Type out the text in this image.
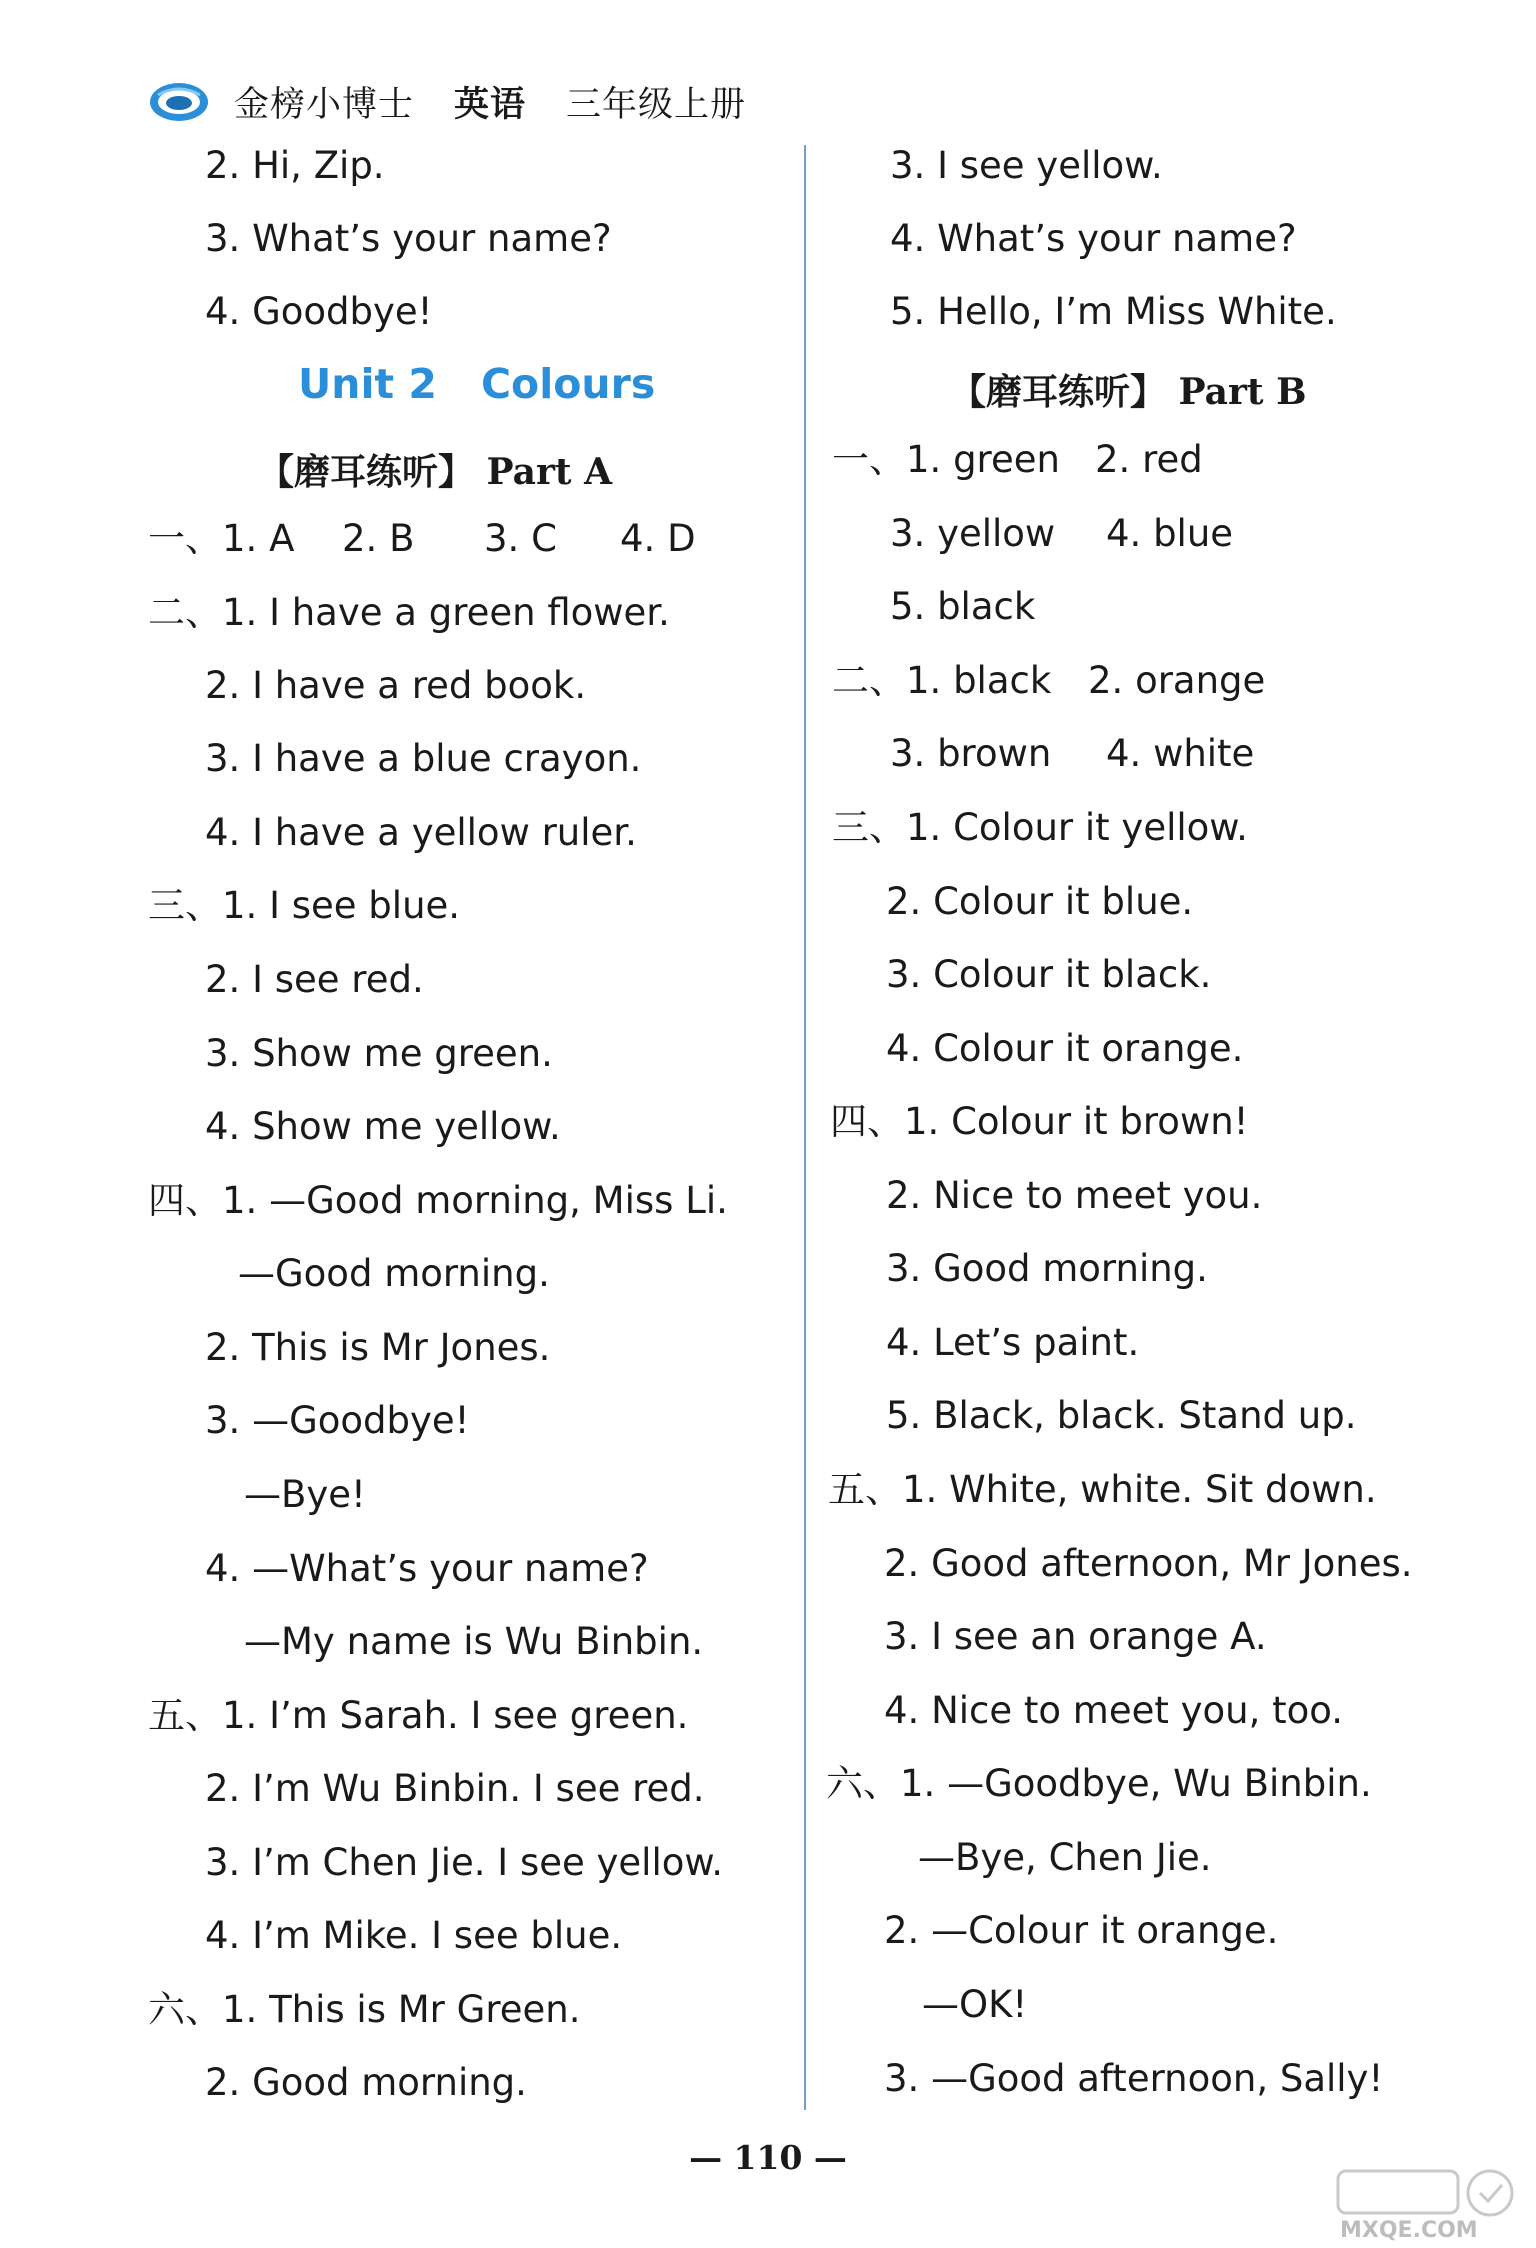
金榜小博士 英语 三年级上册
2. Hi, Zip.
3. What’s your name?
4. Goodbye!
Unit 2 Colours
【磨耳练听】 Part A
一、1. A 2. B 3. C 4. D
二、1. I have a green flower.
2. I have a red book.
3. I have a blue crayon.
4. I have a yellow ruler.
三、1. I see blue.
2. I see red.
3. Show me green.
4. Show me yellow.
四、1. —Good morning, Miss Li.
—Good morning.
2. This is Mr Jones.
3. —Goodbye!
—Bye!
4. —What’s your name?
—My name is Wu Binbin.
五、1. I’m Sarah. I see green.
2. I’m Wu Binbin. I see red.
3. I’m Chen Jie. I see yellow.
4. I’m Mike. I see blue.
六、1. This is Mr Green.
2. Good morning.
3. I see yellow.
4. What’s your name?
5. Hello, I’m Miss White.
【磨耳练听】 Part B
一、1. green 2. red
3. yellow 4. blue
5. black
二、1. black 2. orange
3. brown 4. white
三、1. Colour it yellow.
2. Colour it blue.
3. Colour it black.
4. Colour it orange.
四、1. Colour it brown!
2. Nice to meet you.
3. Good morning.
4. Let’s paint.
5. Black, black. Stand up.
五、1. White, white. Sit down.
2. Good afternoon, Mr Jones.
3. I see an orange A.
4. Nice to meet you, too.
六、1. —Goodbye, Wu Binbin.
—Bye, Chen Jie.
2. —Colour it orange.
—OK!
3. —Good afternoon, Sally!
— 110 —
MXQE.COM
